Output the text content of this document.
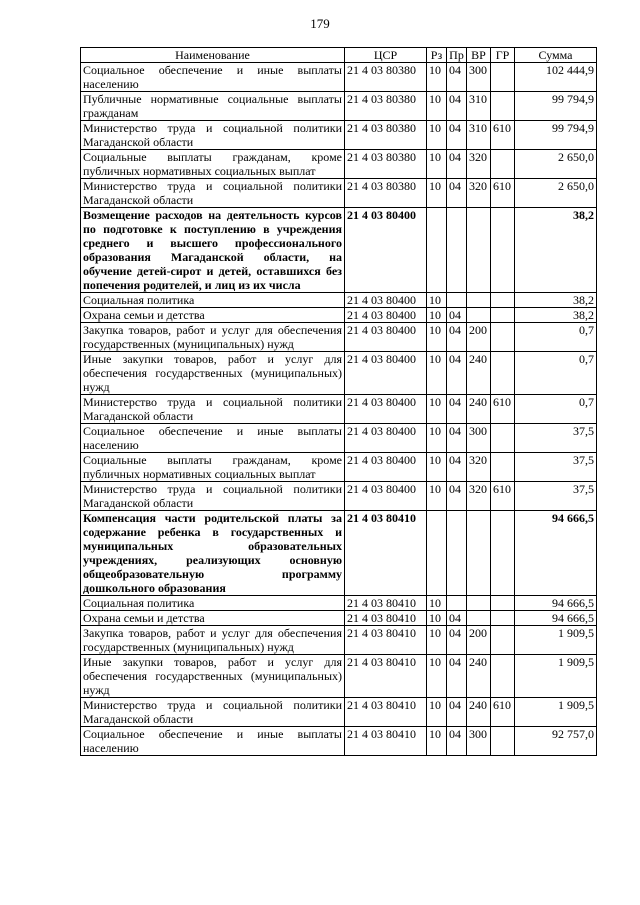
179
Наименование	ЦСР	Рз	Пр	ВР	ГР	Сумма
Социальное обеспечение и иные выплаты населению	21 4 03 80380	10	04	300		102 444,9
Публичные нормативные социальные выплаты гражданам	21 4 03 80380	10	04	310		99 794,9
Министерство труда и социальной политики Магаданской области	21 4 03 80380	10	04	310	610	99 794,9
Социальные выплаты гражданам, кроме публичных нормативных социальных выплат	21 4 03 80380	10	04	320		2 650,0
Министерство труда и социальной политики Магаданской области	21 4 03 80380	10	04	320	610	2 650,0
Возмещение расходов на деятельность курсов по подготовке к поступлению в учреждения среднего и высшего профессионального образования Магаданской области, на обучение детей-сирот и детей, оставшихся без попечения родителей, и лиц из их числа	21 4 03 80400					38,2
Социальная политика	21 4 03 80400	10				38,2
Охрана семьи и детства	21 4 03 80400	10	04			38,2
Закупка товаров, работ и услуг для обеспечения государственных (муниципальных) нужд	21 4 03 80400	10	04	200		0,7
Иные закупки товаров, работ и услуг для обеспечения государственных (муниципальных) нужд	21 4 03 80400	10	04	240		0,7
Министерство труда и социальной политики Магаданской области	21 4 03 80400	10	04	240	610	0,7
Социальное обеспечение и иные выплаты населению	21 4 03 80400	10	04	300		37,5
Социальные выплаты гражданам, кроме публичных нормативных социальных выплат	21 4 03 80400	10	04	320		37,5
Министерство труда и социальной политики Магаданской области	21 4 03 80400	10	04	320	610	37,5
Компенсация части родительской платы за содержание ребенка в государственных и муниципальных образовательных учреждениях, реализующих основную общеобразовательную программу дошкольного образования	21 4 03 80410					94 666,5
Социальная политика	21 4 03 80410	10				94 666,5
Охрана семьи и детства	21 4 03 80410	10	04			94 666,5
Закупка товаров, работ и услуг для обеспечения государственных (муниципальных) нужд	21 4 03 80410	10	04	200		1 909,5
Иные закупки товаров, работ и услуг для обеспечения государственных (муниципальных) нужд	21 4 03 80410	10	04	240		1 909,5
Министерство труда и социальной политики Магаданской области	21 4 03 80410	10	04	240	610	1 909,5
Социальное обеспечение и иные выплаты населению	21 4 03 80410	10	04	300		92 757,0
